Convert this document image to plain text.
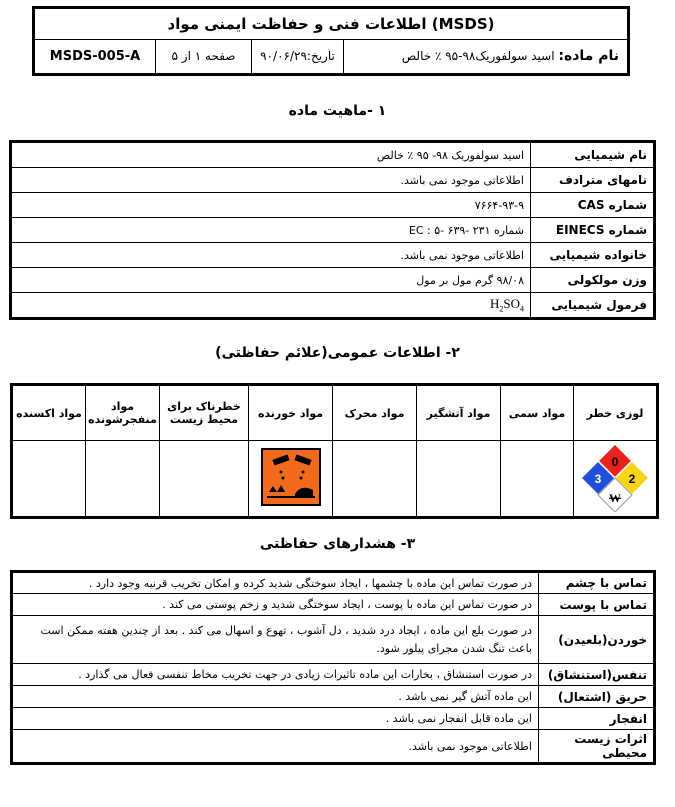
اطلاعات فنی و حفاظت ایمنی مواد (MSDS)
نام ماده: اسید سولفوریک۹۸-۹۵ ٪ خالص
تاریخ:۹۰/۰۶/۲۹
صفحه ۱ از ۵
MSDS-005-A
۱ -ماهیت ماده
نام شیمیایی	اسید سولفوریک ۹۸- ۹۵ ٪ خالص
نامهای مترادف	اطلاعاتی موجود نمی باشد.
شماره CAS	۷۶۶۴-۹۳-۹
شماره EINECS	شماره EC : ۵- ۶۳۹- ۲۳۱
خانواده شیمیایی	اطلاعاتی موجود نمی باشد.
وزن مولکولی	۹۸/۰۸ گرم مول بر مول
فرمول شیمیایی	$H_2SO_4$
۲- اطلاعات عمومی(علائم حفاظتی)
لوزی خطر	مواد سمی	مواد آتشگیر	مواد محرک	مواد خورنده	خطرناک برای محیط زیست	مواد منفجرشونده	مواد اکسنده

0
3 2
W

۳- هشدارهای حفاظتی
تماس با چشم	در صورت تماس این ماده با چشمها ، ایجاد سوختگی شدید کرده و امکان تخریب قرنیه وجود دارد .
تماس با پوست	در صورت تماس این ماده با پوست ، ایجاد سوختگی شدید و زخم پوستی می کند .
خوردن(بلعیدن)	در صورت بلع این ماده ، ایجاد درد شدید ، دل آشوب ، تهوع و اسهال می کند . بعد از چندین هفته ممکن است باعث تنگ شدن مجرای پیلور شود.
تنفس(استنشاق)	در صورت استنشاق ، بخارات این ماده تاثیرات زیادی در جهت تخریب مخاط تنفسی فعال می گذارد .
حریق (اشتعال)	این ماده آتش گیر نمی باشد .
انفجار	این ماده قابل انفجار نمی باشد .
اثرات زیست محیطی	اطلاعاتی موجود نمی باشد.
